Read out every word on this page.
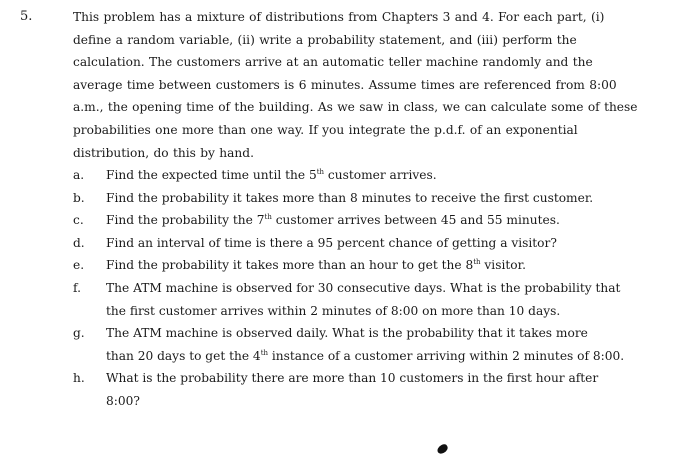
5.	This problem has a mixture of distributions from Chapters 3 and 4. For each part, (i)
define a random variable, (ii) write a probability statement, and (iii) perform the
calculation. The customers arrive at an automatic teller machine randomly and the
average time between customers is 6 minutes. Assume times are referenced from 8:00
a.m., the opening time of the building. As we saw in class, we can calculate some of these
probabilities one more than one way. If you integrate the p.d.f. of an exponential
distribution, do this by hand.
a.	Find the expected time until the 5th customer arrives.
b.	Find the probability it takes more than 8 minutes to receive the first customer.
c.	Find the probability the 7th customer arrives between 45 and 55 minutes.
d.	Find an interval of time is there a 95 percent chance of getting a visitor?
e.	Find the probability it takes more than an hour to get the 8th visitor.
f.	The ATM machine is observed for 30 consecutive days. What is the probability that
the first customer arrives within 2 minutes of 8:00 on more than 10 days.
g.	The ATM machine is observed daily. What is the probability that it takes more
than 20 days to get the 4th instance of a customer arriving within 2 minutes of 8:00.
h.	What is the probability there are more than 10 customers in the first hour after
8:00?
